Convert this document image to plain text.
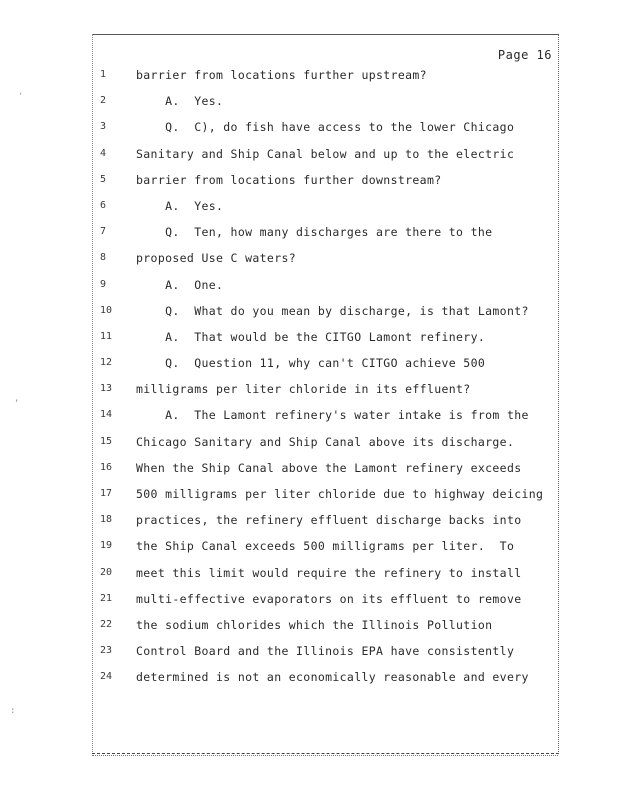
'
,
:
Page 16
1	barrier from locations further upstream?
2	A.  Yes.
3	Q.  C), do fish have access to the lower Chicago
4	Sanitary and Ship Canal below and up to the electric
5	barrier from locations further downstream?
6	A.  Yes.
7	Q.  Ten, how many discharges are there to the
8	proposed Use C waters?
9	A.  One.
10	Q.  What do you mean by discharge, is that Lamont?
11	A.  That would be the CITGO Lamont refinery.
12	Q.  Question 11, why can't CITGO achieve 500
13	milligrams per liter chloride in its effluent?
14	A.  The Lamont refinery's water intake is from the
15	Chicago Sanitary and Ship Canal above its discharge.
16	When the Ship Canal above the Lamont refinery exceeds
17	500 milligrams per liter chloride due to highway deicing
18	practices, the refinery effluent discharge backs into
19	the Ship Canal exceeds 500 milligrams per liter.  To
20	meet this limit would require the refinery to install
21	multi-effective evaporators on its effluent to remove
22	the sodium chlorides which the Illinois Pollution
23	Control Board and the Illinois EPA have consistently
24	determined is not an economically reasonable and every
